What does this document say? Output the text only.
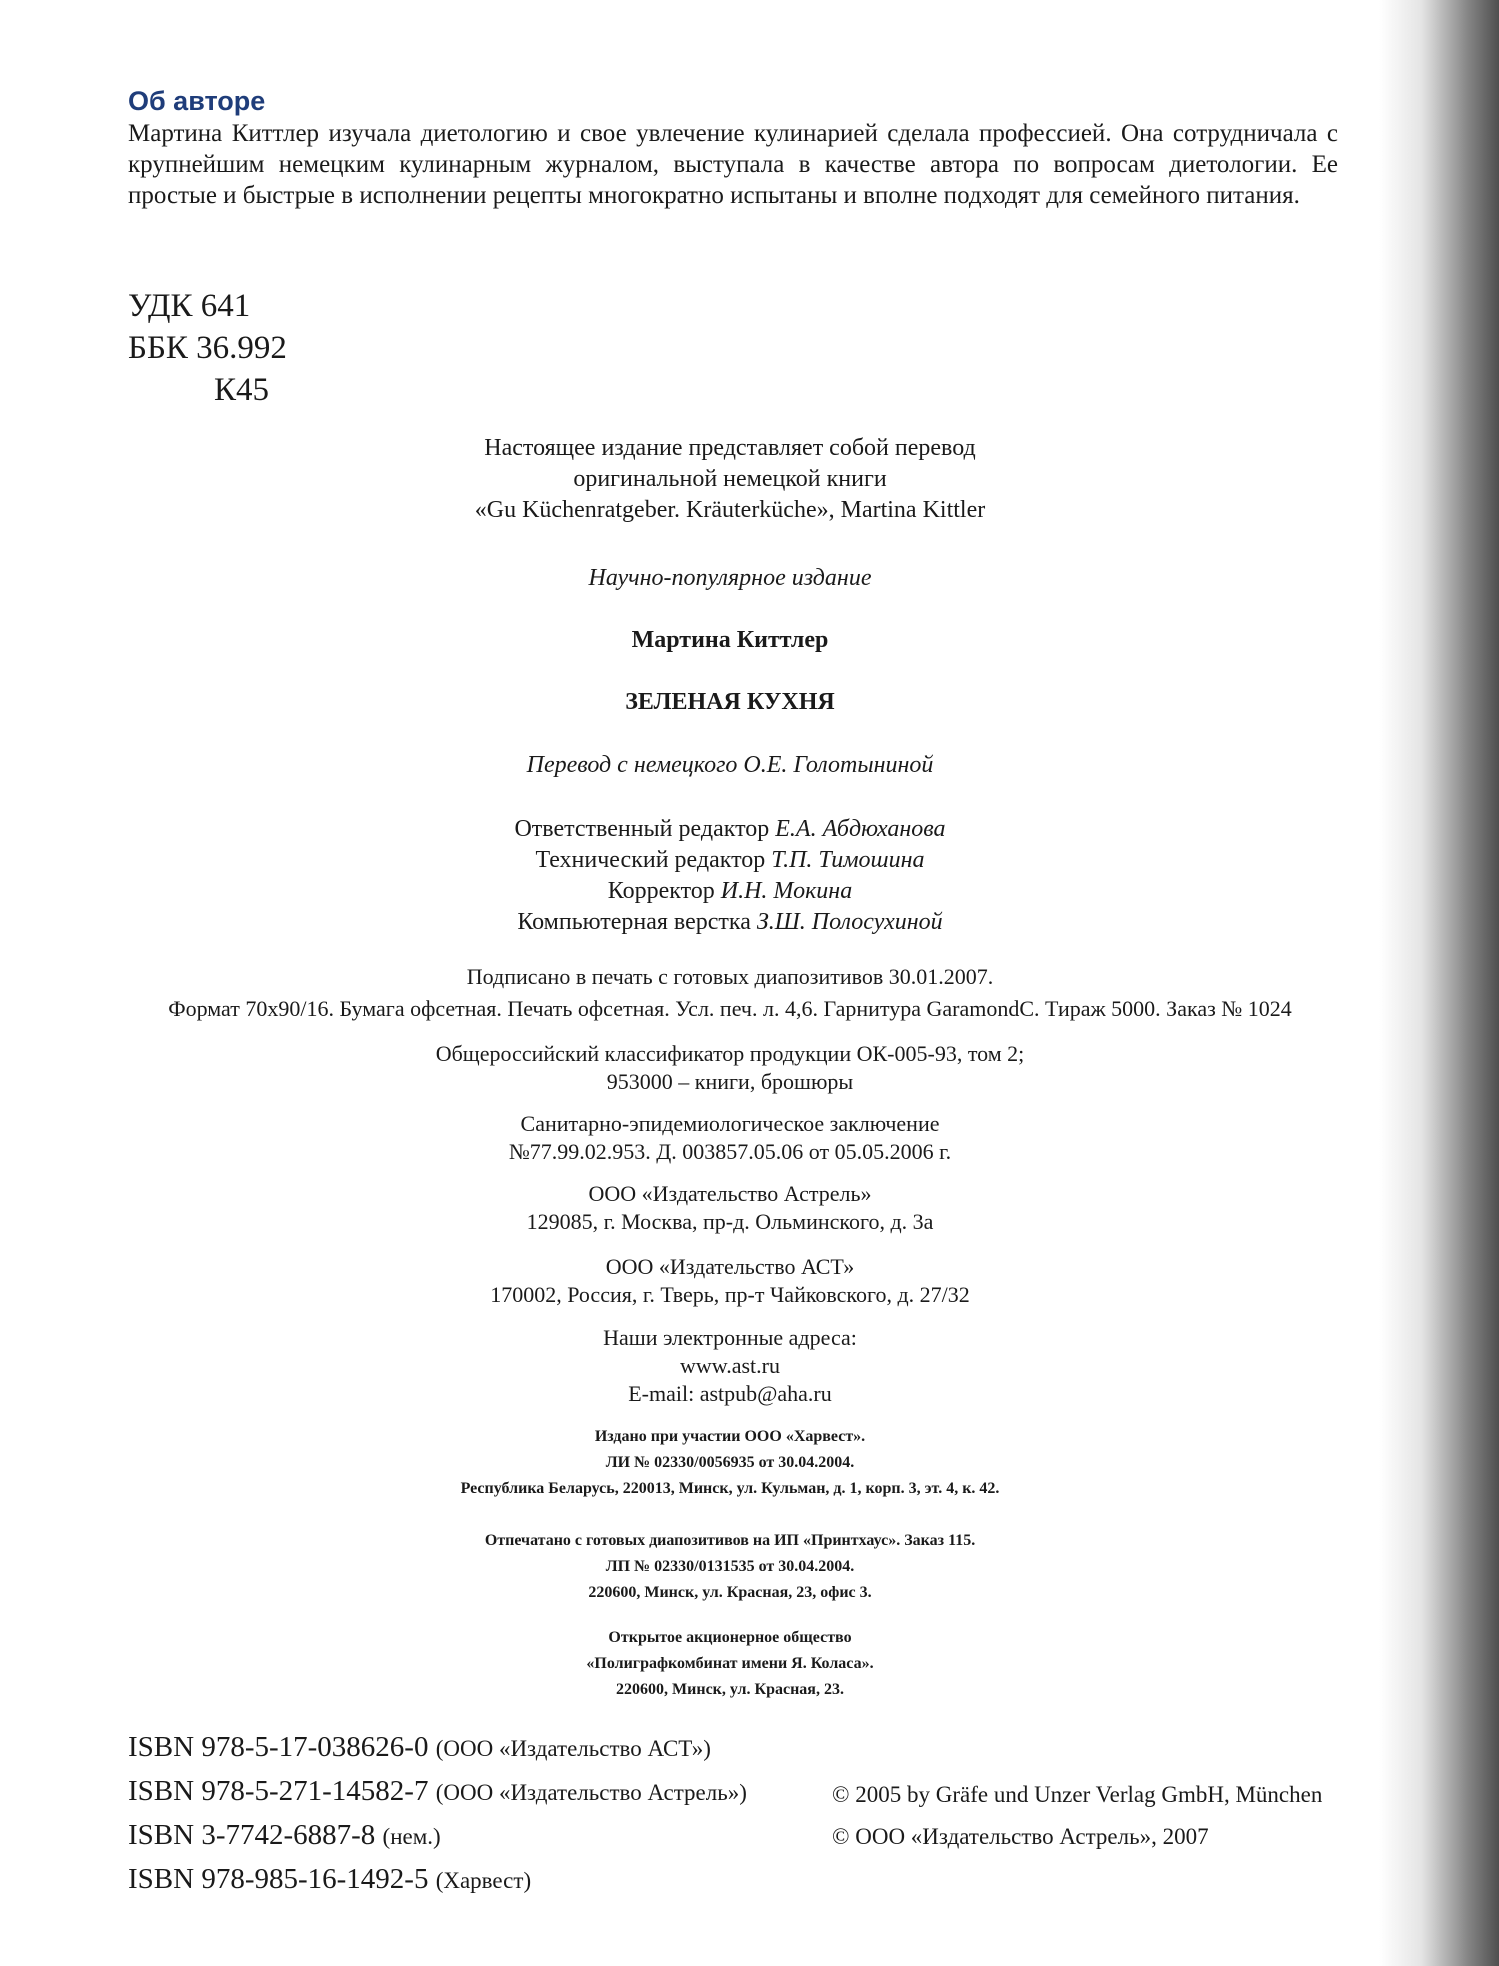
Об авторе

Мартина Киттлер изучала диетологию и свое увлечение кулинарией сделала профессией. Она сотрудничала с крупнейшим немецким кулинарным журналом, выступала в качестве автора по вопросам диетологии. Ее простые и быстрые в исполнении рецепты многократно испытаны и вполне подходят для семейного питания.

УДК 641
ББК 36.992
К45
Настоящее издание представляет собой перевод
оригинальной немецкой книги
«Gu Küchenratgeber. Kräuterküche», Martina Kittler
Научно-популярное издание
Мартина Киттлер
ЗЕЛЕНАЯ КУХНЯ
Перевод с немецкого О.Е. Голотыниной
Ответственный редактор Е.А. Абдюханова
Технический редактор Т.П. Тимошина
Корректор И.Н. Мокина
Компьютерная верстка З.Ш. Полосухиной
Подписано в печать с готовых диапозитивов 30.01.2007.
Формат 70х90/16. Бумага офсетная. Печать офсетная. Усл. печ. л. 4,6. Гарнитура GaramondC. Тираж 5000. Заказ № 1024
Общероссийский классификатор продукции ОК-005-93, том 2;
953000 – книги, брошюры
Санитарно-эпидемиологическое заключение
№77.99.02.953. Д. 003857.05.06 от 05.05.2006 г.
ООО «Издательство Астрель»
129085, г. Москва, пр-д. Ольминского, д. 3а
ООО «Издательство АСТ»
170002, Россия, г. Тверь, пр-т Чайковского, д. 27/32
Наши электронные адреса:
www.ast.ru
E-mail: astpub@aha.ru
Издано при участии ООО «Харвест».
ЛИ № 02330/0056935 от 30.04.2004.
Республика Беларусь, 220013, Минск, ул. Кульман, д. 1, корп. 3, эт. 4, к. 42.
Отпечатано с готовых диапозитивов на ИП «Принтхаус». Заказ 115.
ЛП № 02330/0131535 от 30.04.2004.
220600, Минск, ул. Красная, 23, офис 3.
Открытое акционерное общество
«Полиграфкомбинат имени Я. Коласа».
220600, Минск, ул. Красная, 23.
ISBN 978-5-17-038626-0 (ООО «Издательство АСТ»)
ISBN 978-5-271-14582-7 (ООО «Издательство Астрель»)
ISBN 3-7742-6887-8 (нем.)
ISBN 978-985-16-1492-5 (Харвест)
© 2005 by Gräfe und Unzer Verlag GmbH, München
© ООО «Издательство Астрель», 2007
